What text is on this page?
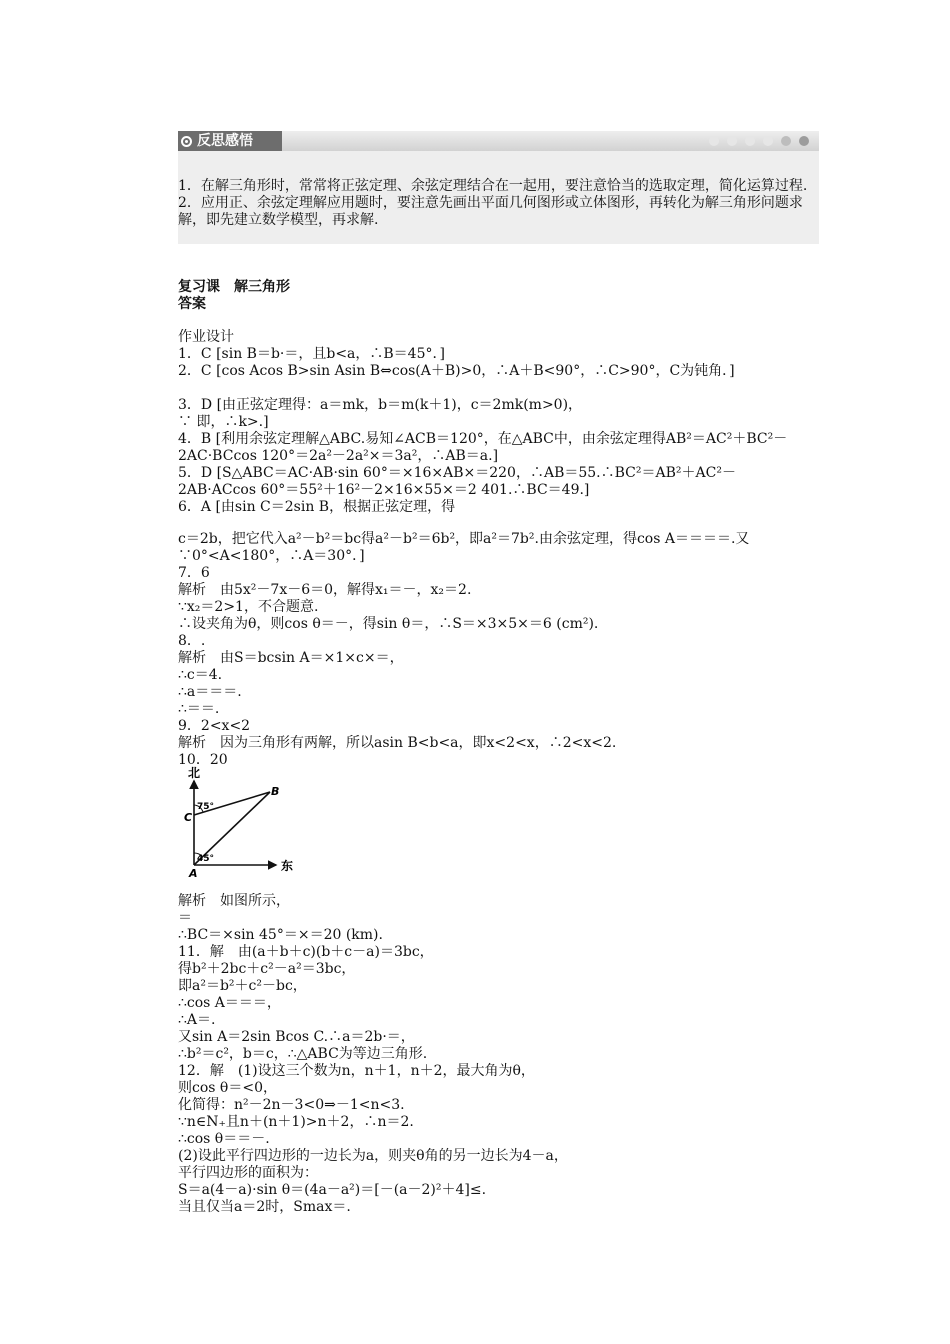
反思感悟

1．在解三角形时，常常将正弦定理、余弦定理结合在一起用，要注意恰当的选取定理，简化运算过程.

2．应用正、余弦定理解应用题时，要注意先画出平面几何图形或立体图形，再转化为解三角形问题求解，即先建立数学模型，再求解.

复习课 解三角形
答案
作业设计
1．C [sin B＝b·＝，且b<a，∴B＝45°．]
2．C [cos Acos B>sin Asin B⇔cos(A＋B)>0，∴A＋B<90°，∴C>90°，C为钝角．]
3．D [由正弦定理得：a＝mk，b＝m(k＋1)，c＝2mk(m>0)，
∵ 即，∴k>.]
4．B [利用余弦定理解△ABC.易知∠ACB＝120°，在△ABC中，由余弦定理得AB²＝AC²＋BC²－2AC·BCcos 120°＝2a²－2a²×＝3a²，∴AB＝a.]
5．D [S△ABC＝AC·AB·sin 60°＝×16×AB×＝220，∴AB＝55.∴BC²＝AB²＋AC²－2AB·ACcos 60°＝55²＋16²－2×16×55×＝2 401.∴BC＝49.]
6．A [由sin C＝2sin B，根据正弦定理，得
c＝2b，把它代入a²－b²＝bc得a²－b²＝6b²，即a²＝7b².由余弦定理，得cos A＝＝＝＝.又∵0°<A<180°，∴A＝30°．]
7．6
解析　由5x²－7x－6＝0，解得x₁＝－，x₂＝2.
∵x₂＝2>1，不合题意.
∴设夹角为θ，则cos θ＝－，得sin θ＝，∴S＝×3×5×＝6 (cm²).
8．.
解析　由S＝bcsin A＝×1×c×＝，
∴c＝4.
∴a＝＝＝.
∴＝＝.
9．2<x<2
解析　因为三角形有两解，所以asin B<b<a，即x<2<x，∴2<x<2.
10．20
北
东
B
C
A
75°
45°
解析　如图所示，
＝
∴BC＝×sin 45°＝×＝20 (km).
11．解　由(a＋b＋c)(b＋c－a)＝3bc，
得b²＋2bc＋c²－a²＝3bc，
即a²＝b²＋c²－bc，
∴cos A＝＝＝，
∴A＝.
又sin A＝2sin Bcos C.∴a＝2b·＝，
∴b²＝c²，b＝c，∴△ABC为等边三角形.
12．解　(1)设这三个数为n，n＋1，n＋2，最大角为θ，
则cos θ＝<0，
化简得：n²－2n－3<0⇒－1<n<3.
∵n∈N₊且n＋(n＋1)>n＋2，∴n＝2.
∴cos θ＝＝－.
(2)设此平行四边形的一边长为a，则夹θ角的另一边长为4－a，
平行四边形的面积为：
S＝a(4－a)·sin θ＝(4a－a²)＝[－(a－2)²＋4]≤.
当且仅当a＝2时，Smax＝.
